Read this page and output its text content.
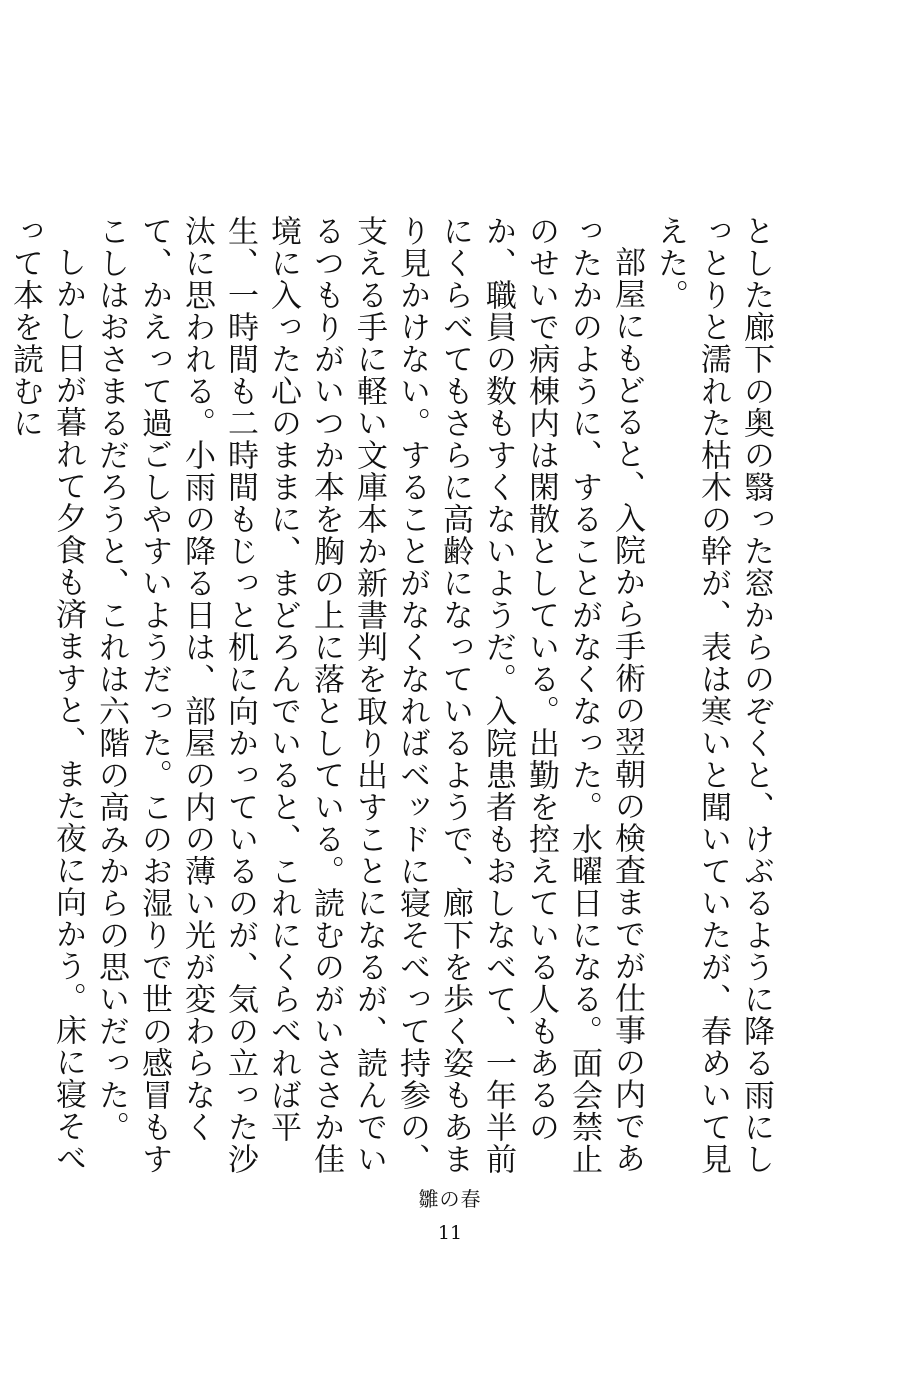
とした廊下の奥の翳った窓からのぞくと、けぶるように降る雨にしっとりと濡れた枯木の幹が、表は寒いと聞いていたが、春めいて見えた。

部屋にもどると、入院から手術の翌朝の検査までが仕事の内であったかのように、することがなくなった。水曜日になる。面会禁止のせいで病棟内は閑散としている。出勤を控えている人もあるのか、職員の数もすくないようだ。入院患者もおしなべて、一年半前にくらべてもさらに高齢になっているようで、廊下を歩く姿もあまり見かけない。することがなくなればベッドに寝そべって持参の、支える手に軽い文庫本か新書判を取り出すことになるが、読んでいるつもりがいつか本を胸の上に落としている。読むのがいささか佳境に入った心のままに、まどろんでいると、これにくらべれば平生、一時間も二時間もじっと机に向かっているのが、気の立った沙汰に思われる。小雨の降る日は、部屋の内の薄い光が変わらなくて、かえって過ごしやすいようだった。このお湿りで世の感冒もすこしはおさまるだろうと、これは六階の高みからの思いだった。

しかし日が暮れて夕食も済ますと、また夜に向かう。床に寝そべって本を読むに

雛の春
11
